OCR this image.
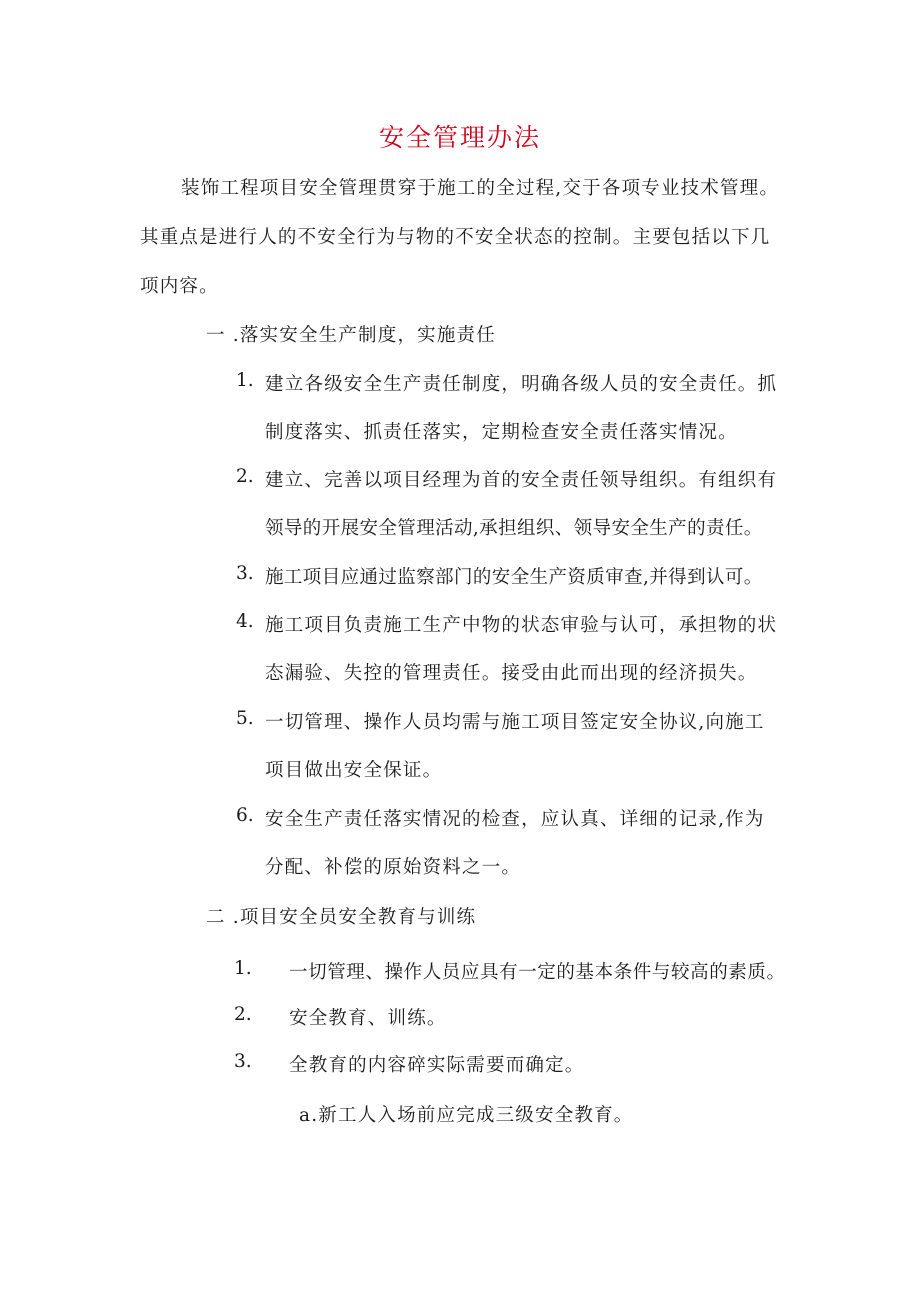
安全管理办法
装饰工程项目安全管理贯穿于施工的全过程,交于各项专业技术管理。
其重点是进行人的不安全行为与物的不安全状态的控制。主要包括以下几
项内容。
一 .落实安全生产制度，实施责任
1. 建立各级安全生产责任制度，明确各级人员的安全责任。抓
制度落实、抓责任落实，定期检查安全责任落实情况。
2. 建立、完善以项目经理为首的安全责任领导组织。有组织有
领导的开展安全管理活动,承担组织、领导安全生产的责任。
3. 施工项目应通过监察部门的安全生产资质审查,并得到认可。
4. 施工项目负责施工生产中物的状态审验与认可，承担物的状
态漏验、失控的管理责任。接受由此而出现的经济损失。
5. 一切管理、操作人员均需与施工项目签定安全协议,向施工
项目做出安全保证。
6. 安全生产责任落实情况的检查，应认真、详细的记录,作为
分配、补偿的原始资料之一。
二 .项目安全员安全教育与训练
1. 一切管理、操作人员应具有一定的基本条件与较高的素质。
2. 安全教育、训练。
3. 全教育的内容碎实际需要而确定。
a.新工人入场前应完成三级安全教育。
